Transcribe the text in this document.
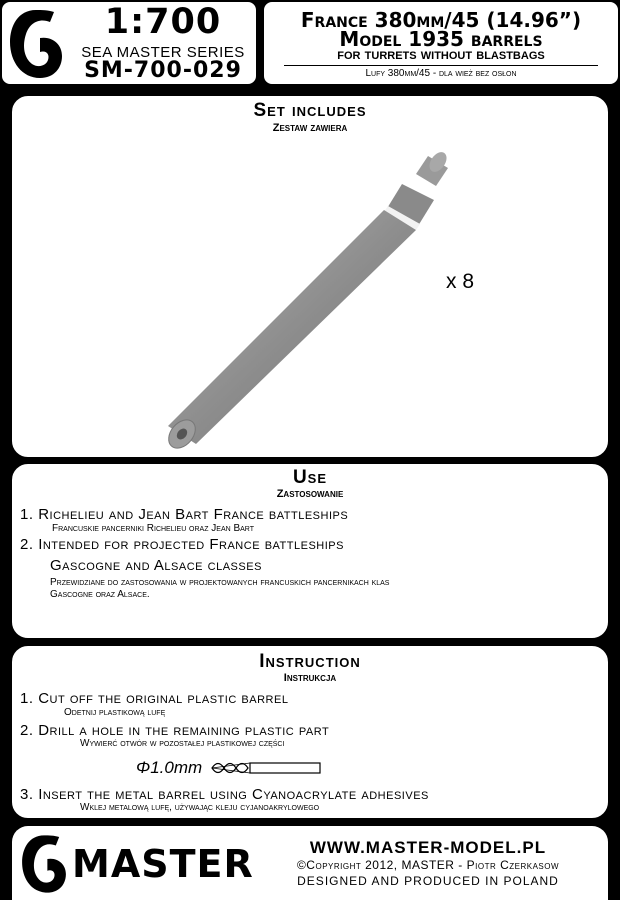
1:700
SEA MASTER SERIES
SM-700-029
France 380mm/45 (14.96”)
Model 1935 barrels
for turrets without blastbags
Lufy 380mm/45 - dla wież bez osłon
Set includes
Zestaw zawiera
x 8
Use
Zastosowanie
1. Richelieu and Jean Bart France battleships
Francuskie pancerniki Richelieu oraz Jean Bart
2. Intended for projected France battleships
Gascogne and Alsace classes
Przewidziane do zastosowania w projektowanych francuskich pancernikach klas
Gascogne oraz Alsace.
Instruction
Instrukcja
1. Cut off the original plastic barrel
Odetnij plastikową lufę
2. Drill a hole in the remaining plastic part
Wywierć otwór w pozostałej plastikowej części
Φ1.0mm
3. Insert the metal barrel using Cyanoacrylate adhesives
Wklej metalową lufę, używając kleju cyjanoakrylowego
MASTER	WWW.MASTER-MODEL.PL
©Copyright 2012, MASTER - Piotr Czerkasow
DESIGNED AND PRODUCED IN POLAND
